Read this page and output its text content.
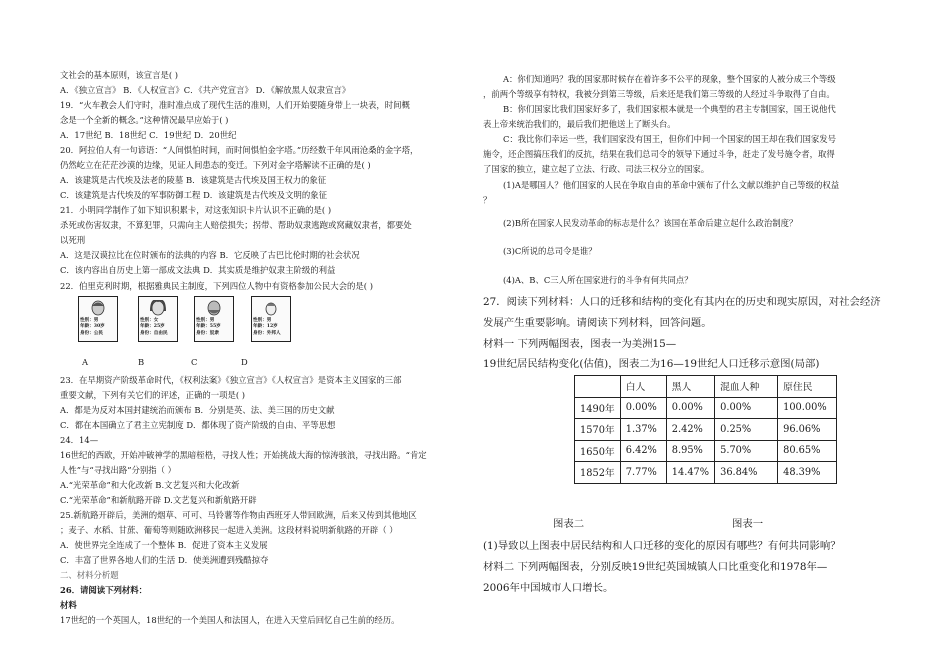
文社会的基本原则，该宣言是( )
A．《独立宣言》 B．《人权宣言》C．《共产党宣言》 D．《解放黑人奴隶宣言》
19．“火车教会人们守时，准时准点成了现代生活的准则，人们开始要随身带上一块表，时间概
念是一个全新的概念。”这种情况最早应始于( )
A．17世纪 B．18世纪 C．19世纪 D．20世纪
20．阿拉伯人有一句谚语：“人间惧怕时间，而时间惧怕金字塔。”历经数千年风雨沧桑的金字塔，
仍然屹立在茫茫沙漠的边缘，见证人间患态的变迁。下列对金字塔解读不正确的是( )
A．该建筑是古代埃及法老的陵墓 B．该建筑是古代埃及国王权力的象征
C．该建筑是古代埃及的军事防御工程 D．该建筑是古代埃及文明的象征
21．小明同学制作了如下知识积累卡，对这张知识卡片认识不正确的是( )
杀死或伤害奴隶，不算犯罪，只需向主人赔偿损失；拐带、帮助奴隶逃跑或窝藏奴隶者，都要处
以死刑
A．这是汉谟拉比在位时颁布的法典的内容 B．它反映了古巴比伦时期的社会状况
C．该内容出自历史上第一部成文法典 D．其实质是维护奴隶主阶级的利益
22．伯里克利时期，根据雅典民主制度，下列四位人物中有资格参加公民大会的是( )
性别：男
年龄：30岁
身份：公民
性别：女
年龄：25岁
身份：自由民
性别：男
年龄：55岁
身份：奴隶
性别：男
年龄：12岁
身份：外邦人
A	B	C	D
23．在早期资产阶级革命时代，《权利法案》《独立宣言》《人权宣言》是资本主义国家的三部
重要文献，下列有关它们的评述，正确的一项是( )
A．都是为反对本国封建统治而颁布 B．分别是英、法、美三国的历史文献
C．都在本国确立了君主立宪制度 D．都体现了资产阶级的自由、平等思想
24．14—
16世纪的西欧，开始冲破神学的黑暗桎梏，寻找人性；开始挑战大海的惊涛骇浪，寻找出路。“肯定
人性”与“寻找出路”分别指（ ）
A.“光荣革命”和大化改新 B.文艺复兴和大化改新
C.“光荣革命”和新航路开辟 D.文艺复兴和新航路开辟
25.新航路开辟后，美洲的烟草、可可、马铃薯等作物由西班牙人带回欧洲，后来又传到其他地区
；麦子、水稻、甘蔗、葡萄等则随欧洲移民一起进入美洲。这段材料说明新航路的开辟（ ）
A．使世界完全连成了一个整体 B．促进了资本主义发展
C．丰富了世界各地人们的生活 D．使美洲遭到残酷掠夺
二、材料分析题
26．请阅读下列材料：
材料
17世纪的一个英国人，18世纪的一个美国人和法国人，在进入天堂后回忆自己生前的经历。
A：你们知道吗？我的国家那时候存在着许多不公平的现象，整个国家的人被分成三个等级
，前两个等级享有特权，我被分到第三等级，后来还是我们第三等级的人经过斗争取得了自由。
B：你们国家比我们国家好多了，我们国家根本就是一个典型的君主专制国家，国王说他代
表上帝来统治我们的，最后我们把他送上了断头台。
C：我比你们幸运一些，我们国家没有国王，但你们中间一个国家的国王却在我们国家发号
施令，还企图搞压我们的反抗，结果在我们总司令的领导下通过斗争，赶走了发号施令者，取得
了国家的独立，建立起了立法、行政、司法三权分立的国家。
(1)A是哪国人？他们国家的人民在争取自由的革命中颁布了什么文献以维护自己等级的权益
？
(2)B所在国家人民发动革命的标志是什么？该国在革命后建立起什么政治制度？
(3)C所说的总司令是谁？
(4)A、B、C三人所在国家进行的斗争有何共同点？
27．阅读下列材料：人口的迁移和结构的变化有其内在的历史和现实原因，对社会经济
发展产生重要影响。请阅读下列材料，回答问题。
材料一 下列两幅图表，图表一为美洲15—
19世纪居民结构变化(估值)，图表二为16—19世纪人口迁移示意图(局部)
	白人	黑人	混血人种	原住民
1490年	0.00%	0.00%	0.00%	100.00%
1570年	1.37%	2.42%	0.25%	96.06%
1650年	6.42%	8.95%	5.70%	80.65%
1852年	7.77%	14.47%	36.84%	48.39%
图表二	图表一
(1)导致以上图表中居民结构和人口迁移的变化的原因有哪些？有何共同影响？
材料二 下列两幅图表，分别反映19世纪英国城镇人口比重变化和1978年—
2006年中国城市人口增长。
